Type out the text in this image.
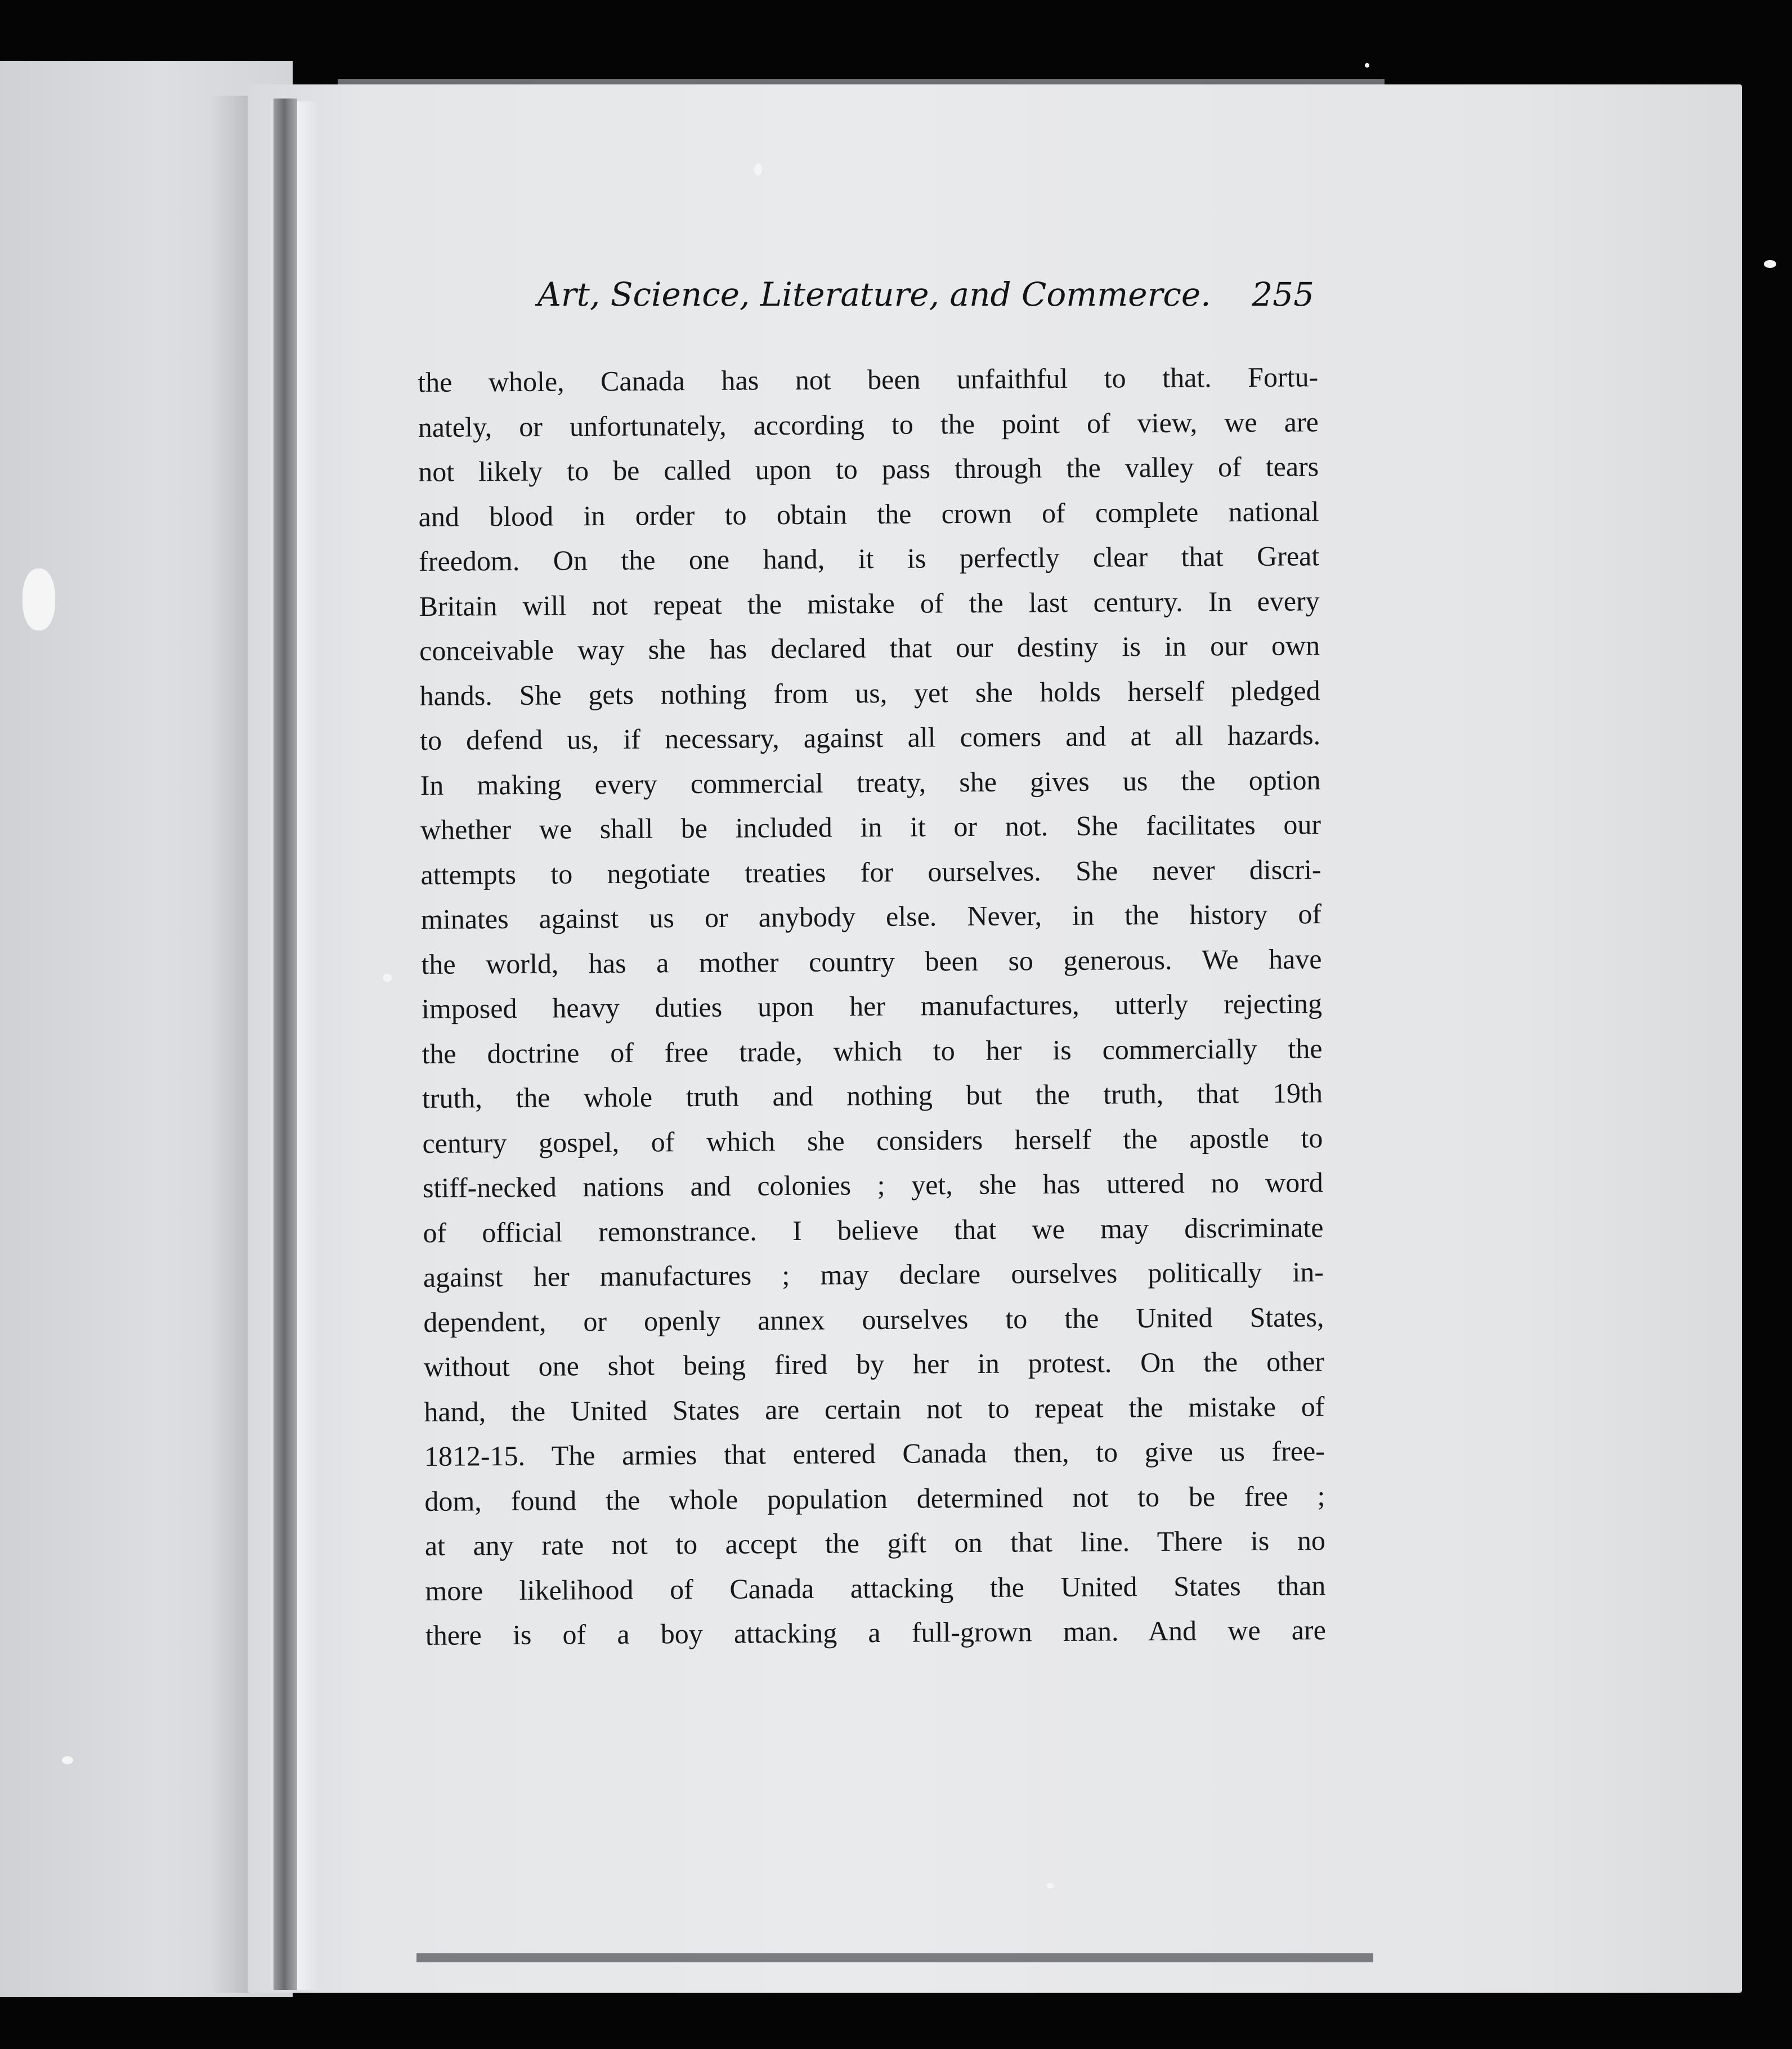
Art, Science, Literature, and Commerce. 255
the whole, Canada has not been unfaithful to that. Fortu-
nately, or unfortunately, according to the point of view, we are
not likely to be called upon to pass through the valley of tears
and blood in order to obtain the crown of complete national
freedom. On the one hand, it is perfectly clear that Great
Britain will not repeat the mistake of the last century. In every
conceivable way she has declared that our destiny is in our own
hands. She gets nothing from us, yet she holds herself pledged
to defend us, if necessary, against all comers and at all hazards.
In making every commercial treaty, she gives us the option
whether we shall be included in it or not. She facilitates our
attempts to negotiate treaties for ourselves. She never discri-
minates against us or anybody else. Never, in the history of
the world, has a mother country been so generous. We have
imposed heavy duties upon her manufactures, utterly rejecting
the doctrine of free trade, which to her is commercially the
truth, the whole truth and nothing but the truth, that 19th
century gospel, of which she considers herself the apostle to
stiff-necked nations and colonies ; yet, she has uttered no word
of official remonstrance. I believe that we may discriminate
against her manufactures ; may declare ourselves politically in-
dependent, or openly annex ourselves to the United States,
without one shot being fired by her in protest. On the other
hand, the United States are certain not to repeat the mistake of
1812-15. The armies that entered Canada then, to give us free-
dom, found the whole population determined not to be free ;
at any rate not to accept the gift on that line. There is no
more likelihood of Canada attacking the United States than
there is of a boy attacking a full-grown man. And we are
